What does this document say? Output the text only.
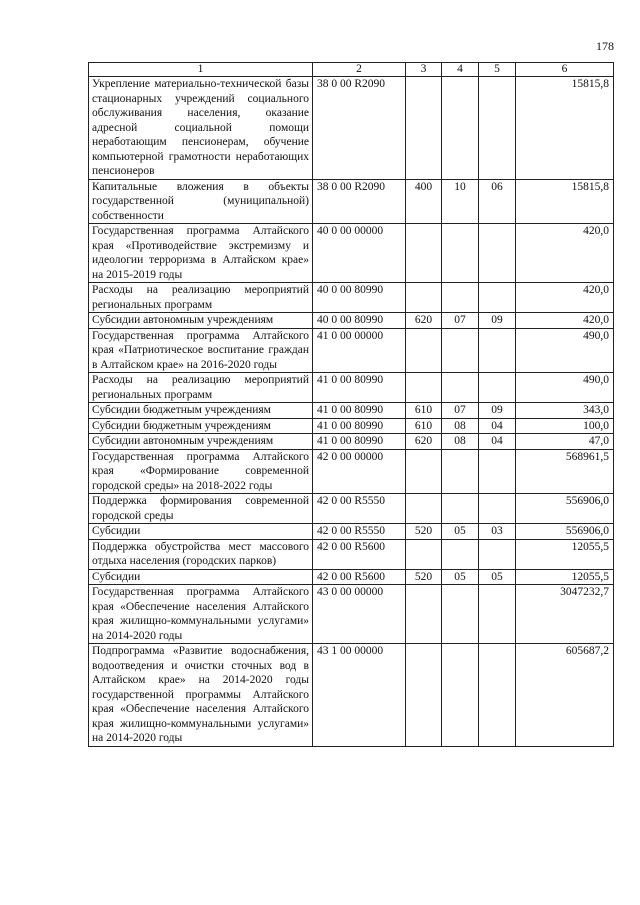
178
1	2	3	4	5	6
Укрепление материально-технической базы стационарных учреждений социального обслуживания населения, оказание адресной социальной помощи неработающим пенсионерам, обучение компьютерной грамотности неработающих пенсионеров	38 0 00 R2090				15815,8
Капитальные вложения в объекты государственной (муниципальной) собственности	38 0 00 R2090	400	10	06	15815,8
Государственная программа Алтайского края «Противодействие экстремизму и идеологии терроризма в Алтайском крае» на 2015-2019 годы	40 0 00 00000				420,0
Расходы на реализацию мероприятий региональных программ	40 0 00 80990				420,0
Субсидии автономным учреждениям	40 0 00 80990	620	07	09	420,0
Государственная программа Алтайского края «Патриотическое воспитание граждан в Алтайском крае» на 2016-2020 годы	41 0 00 00000				490,0
Расходы на реализацию мероприятий региональных программ	41 0 00 80990				490,0
Субсидии бюджетным учреждениям	41 0 00 80990	610	07	09	343,0
Субсидии бюджетным учреждениям	41 0 00 80990	610	08	04	100,0
Субсидии автономным учреждениям	41 0 00 80990	620	08	04	47,0
Государственная программа Алтайского края «Формирование современной городской среды» на 2018-2022 годы	42 0 00 00000				568961,5
Поддержка формирования современной городской среды	42 0 00 R5550				556906,0
Субсидии	42 0 00 R5550	520	05	03	556906,0
Поддержка обустройства мест массового отдыха населения (городских парков)	42 0 00 R5600				12055,5
Субсидии	42 0 00 R5600	520	05	05	12055,5
Государственная программа Алтайского края «Обеспечение населения Алтайского края жилищно-коммунальными услугами» на 2014-2020 годы	43 0 00 00000				3047232,7
Подпрограмма «Развитие водоснабжения, водоотведения и очистки сточных вод в Алтайском крае» на 2014-2020 годы государственной программы Алтайского края «Обеспечение населения Алтайского края жилищно-коммунальными услугами» на 2014-2020 годы	43 1 00 00000				605687,2
